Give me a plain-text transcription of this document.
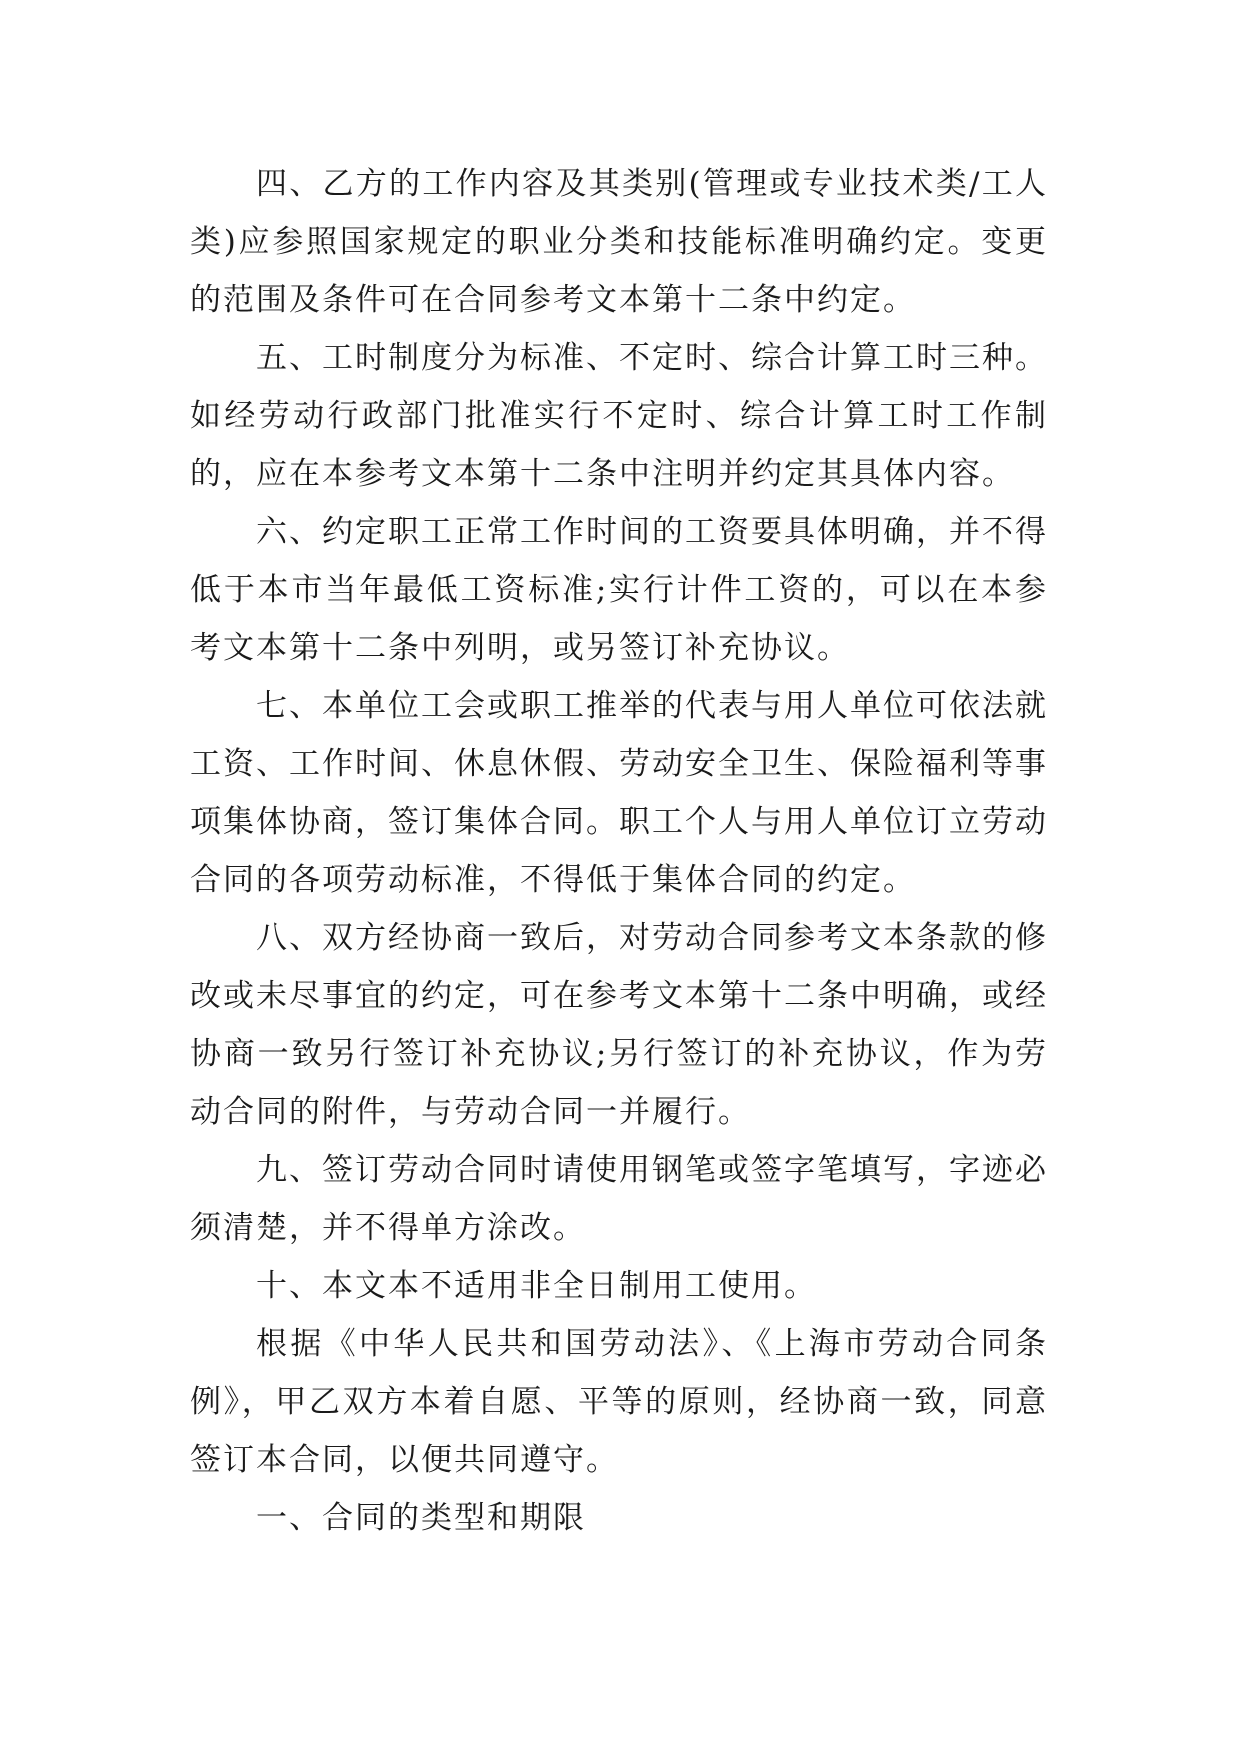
四、乙方的工作内容及其类别(管理或专业技术类/工人类)应参照国家规定的职业分类和技能标准明确约定。变更的范围及条件可在合同参考文本第十二条中约定。

五、工时制度分为标准、不定时、综合计算工时三种。如经劳动行政部门批准实行不定时、综合计算工时工作制的，应在本参考文本第十二条中注明并约定其具体内容。

六、约定职工正常工作时间的工资要具体明确，并不得低于本市当年最低工资标准;实行计件工资的，可以在本参考文本第十二条中列明，或另签订补充协议。

七、本单位工会或职工推举的代表与用人单位可依法就工资、工作时间、休息休假、劳动安全卫生、保险福利等事项集体协商，签订集体合同。职工个人与用人单位订立劳动合同的各项劳动标准，不得低于集体合同的约定。

八、双方经协商一致后，对劳动合同参考文本条款的修改或未尽事宜的约定，可在参考文本第十二条中明确，或经协商一致另行签订补充协议;另行签订的补充协议，作为劳动合同的附件，与劳动合同一并履行。

九、签订劳动合同时请使用钢笔或签字笔填写，字迹必须清楚，并不得单方涂改。

十、本文本不适用非全日制用工使用。

根据《中华人民共和国劳动法》、《上海市劳动合同条例》，甲乙双方本着自愿、平等的原则，经协商一致，同意签订本合同，以便共同遵守。

一、合同的类型和期限
